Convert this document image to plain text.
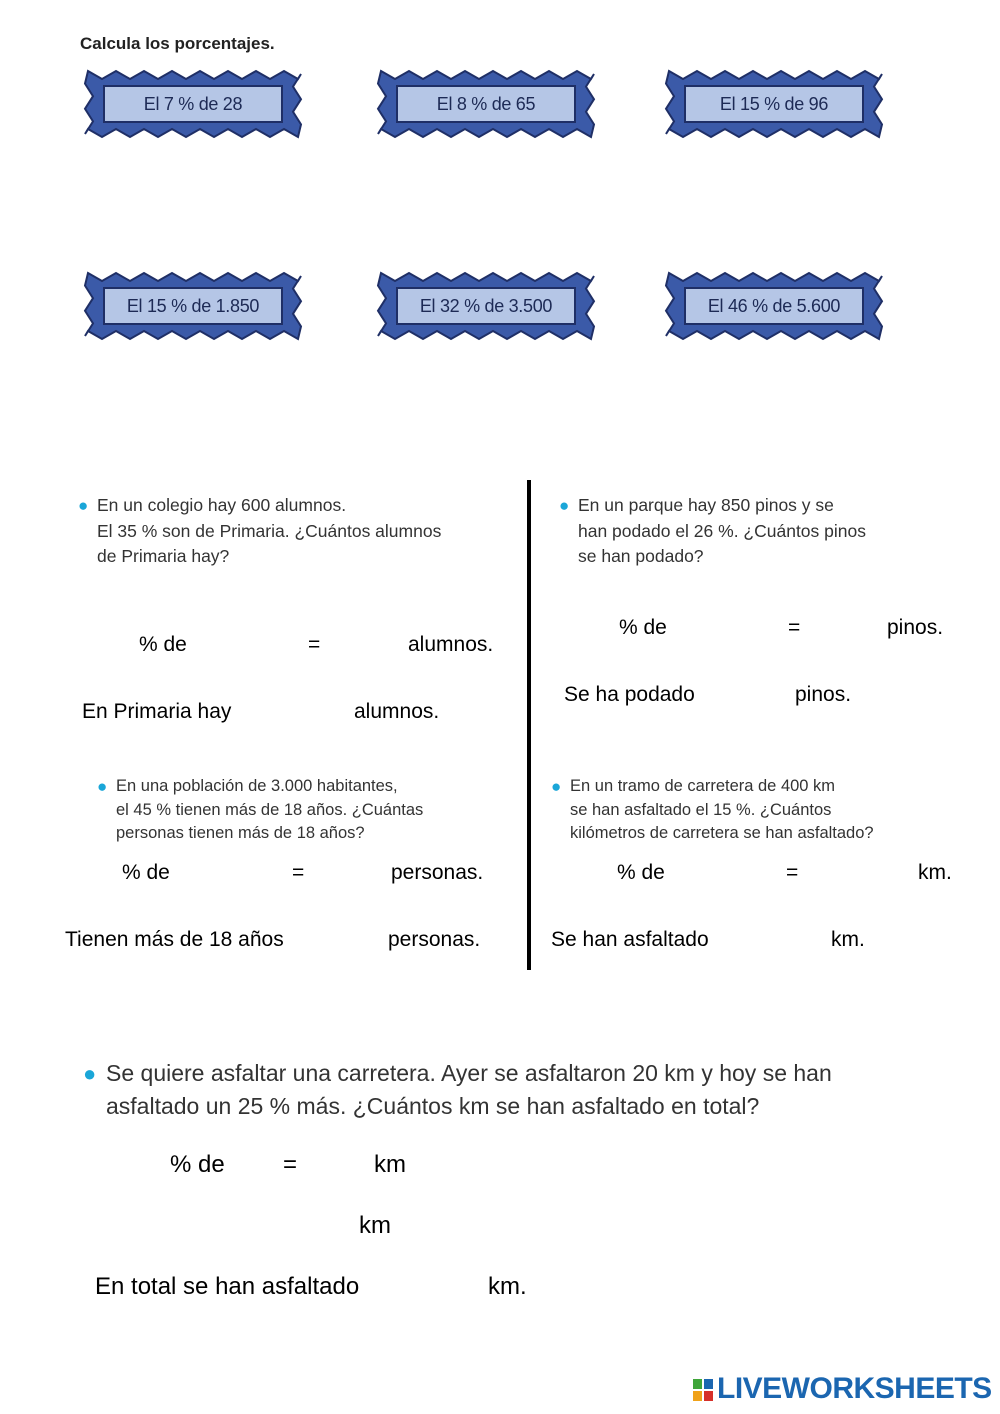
Calcula los porcentajes.
El 7 % de 28	El 8 % de 65	El 15 % de 96
El 15 % de 1.850	El 32 % de 3.500	El 46 % de 5.600
● En un colegio hay 600 alumnos.
El 35 % son de Primaria. ¿Cuántos alumnos
de Primaria hay?
% de	=	alumnos.
En Primaria hay	alumnos.
● En un parque hay 850 pinos y se
han podado el 26 %. ¿Cuántos pinos
se han podado?
% de	=	pinos.
Se ha podado	pinos.
● En una población de 3.000 habitantes,
el 45 % tienen más de 18 años. ¿Cuántas
personas tienen más de 18 años?
% de	=	personas.
Tienen más de 18 años	personas.
● En un tramo de carretera de 400 km
se han asfaltado el 15 %. ¿Cuántos
kilómetros de carretera se han asfaltado?
% de	=	km.
Se han asfaltado	km.
● Se quiere asfaltar una carretera. Ayer se asfaltaron 20 km y hoy se han
asfaltado un 25 % más. ¿Cuántos km se han asfaltado en total?
% de =	km
km
En total se han asfaltado	km.
LIVEWORKSHEETS
